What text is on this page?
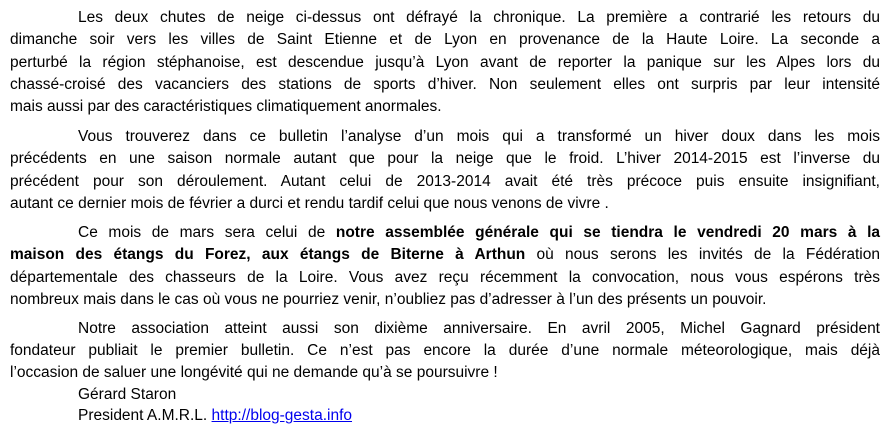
Les deux chutes de neige ci-dessus ont défrayé la chronique. La première a contrarié les retours du
dimanche soir vers les villes de Saint Etienne et de Lyon en provenance de la Haute Loire. La seconde a
perturbé la région stéphanoise, est descendue jusqu’à Lyon avant de reporter la panique sur les Alpes lors du
chassé-croisé des vacanciers des stations de sports d’hiver. Non seulement elles ont surpris par leur intensité
mais aussi par des caractéristiques climatiquement anormales.
Vous trouverez dans ce bulletin l’analyse d’un mois qui a transformé un hiver doux dans les mois
précédents en une saison normale autant que pour la neige que le froid. L’hiver 2014-2015 est l’inverse du
précédent pour son déroulement. Autant celui de 2013-2014 avait été très précoce puis ensuite insignifiant,
autant ce dernier mois de février a durci et rendu tardif celui que nous venons de vivre .
Ce mois de mars sera celui de notre assemblée générale qui se tiendra le vendredi 20 mars à la
maison des étangs du Forez, aux étangs de Biterne à Arthun où nous serons les invités de la Fédération
départementale des chasseurs de la Loire. Vous avez reçu récemment la convocation, nous vous espérons très
nombreux mais dans le cas où vous ne pourriez venir, n’oubliez pas d’adresser à l’un des présents un pouvoir.
Notre association atteint aussi son dixième anniversaire. En avril 2005, Michel Gagnard président
fondateur publiait le premier bulletin. Ce n’est pas encore la durée d’une normale méteorologique, mais déjà
l’occasion de saluer une longévité qui ne demande qu’à se poursuivre !
Gérard Staron
President A.M.R.L. http://blog-gesta.info
